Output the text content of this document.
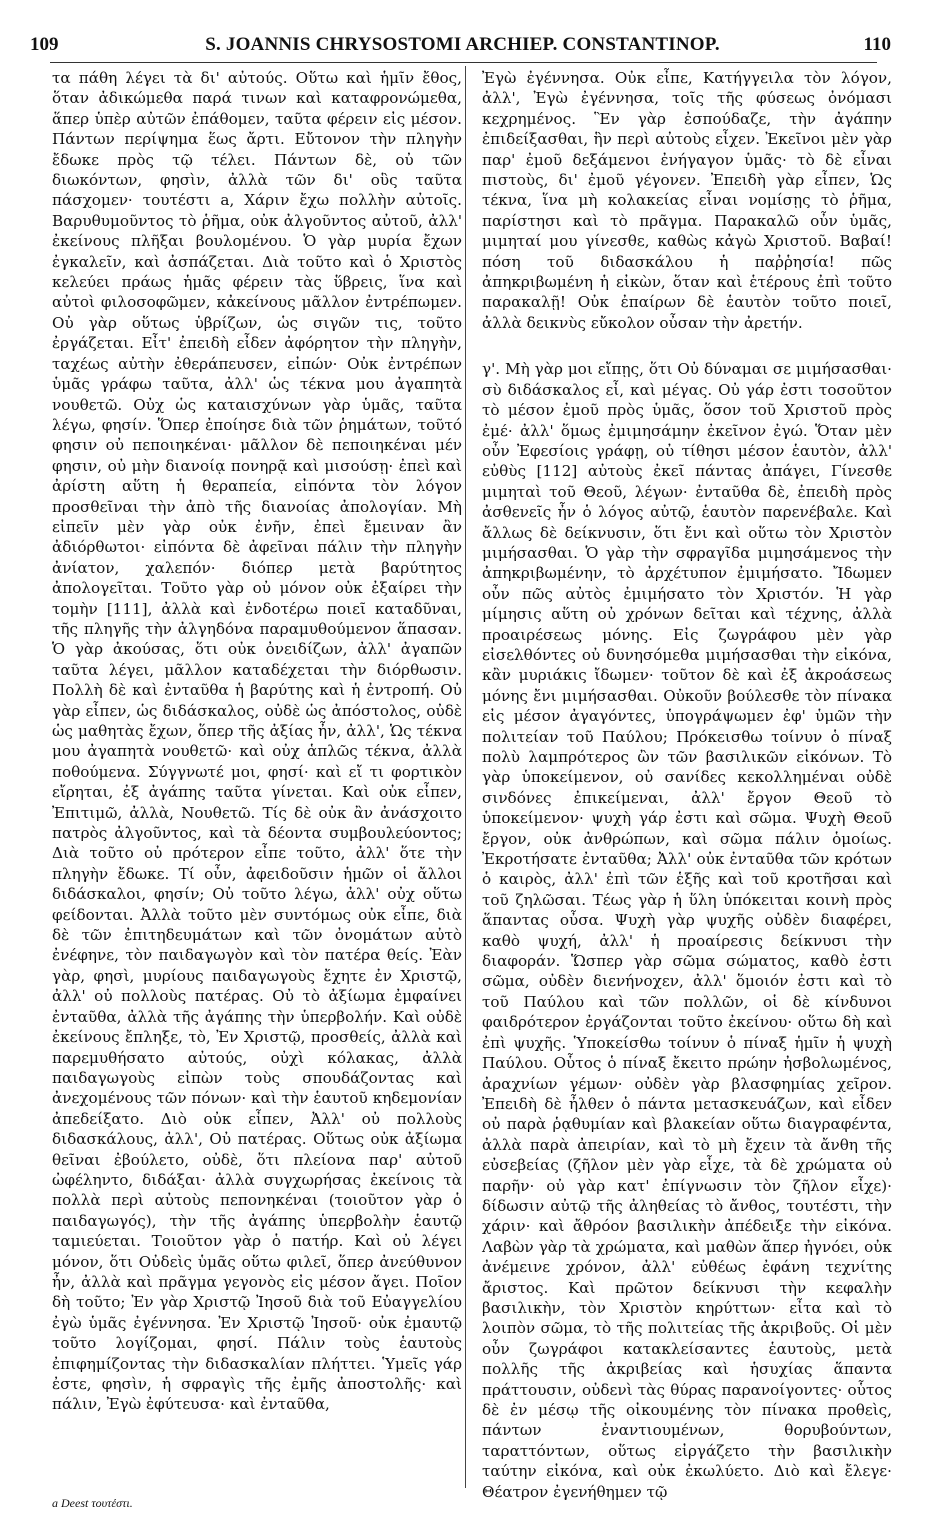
109	S. JOANNIS CHRYSOSTOMI ARCHIEP. CONSTANTINOP.	110

τα πάθη λέγει τὰ δι' αὐτούς. Οὕτω καὶ ἡμῖν ἔθος, ὅταν ἀδικώμεθα παρά τινων καὶ καταφρονώμεθα, ἅπερ ὑπὲρ αὐτῶν ἐπάθομεν, ταῦτα φέρειν εἰς μέσον. Πάντων περίψημα ἕως ἄρτι. Εὔτονον τὴν πληγὴν ἔδωκε πρὸς τῷ τέλει. Πάντων δὲ, οὐ τῶν διωκόντων, φησὶν, ἀλλὰ τῶν δι' οὓς ταῦτα πάσχομεν· τουτέστι a, Χάριν ἔχω πολλὴν αὐτοῖς. Βαρυθυμοῦντος τὸ ῥῆμα, οὐκ ἀλγοῦντος αὐτοῦ, ἀλλ' ἐκείνους πλῆξαι βουλομένου. Ὁ γὰρ μυρία ἔχων ἐγκαλεῖν, καὶ ἀσπάζεται. Διὰ τοῦτο καὶ ὁ Χριστὸς κελεύει πράως ἡμᾶς φέρειν τὰς ὕβρεις, ἵνα καὶ αὐτοὶ φιλοσοφῶμεν, κἀκείνους μᾶλλον ἐντρέπωμεν. Οὐ γὰρ οὕτως ὑβρίζων, ὡς σιγῶν τις, τοῦτο ἐργάζεται. Εἶτ' ἐπειδὴ εἶδεν ἀφόρητον τὴν πληγὴν, ταχέως αὐτὴν ἐθεράπευσεν, εἰπών· Οὐκ ἐντρέπων ὑμᾶς γράφω ταῦτα, ἀλλ' ὡς τέκνα μου ἀγαπητὰ νουθετῶ. Οὐχ ὡς καταισχύνων γὰρ ὑμᾶς, ταῦτα λέγω, φησίν. Ὅπερ ἐποίησε διὰ τῶν ῥημάτων, τοῦτό φησιν οὐ πεποιηκέναι· μᾶλλον δὲ πεποιηκέναι μέν φησιν, οὐ μὴν διανοίᾳ πονηρᾷ καὶ μισούσῃ· ἐπεὶ καὶ ἀρίστη αὕτη ἡ θεραπεία, εἰπόντα τὸν λόγον προσθεῖναι τὴν ἀπὸ τῆς διανοίας ἀπολογίαν. Μὴ εἰπεῖν μὲν γὰρ οὐκ ἐνῆν, ἐπεὶ ἔμειναν ἂν ἀδιόρθωτοι· εἰπόντα δὲ ἀφεῖναι πάλιν τὴν πληγὴν ἀνίατον, χαλεπόν· διόπερ μετὰ βαρύτητος ἀπολογεῖται. Τοῦτο γὰρ οὐ μόνον οὐκ ἐξαίρει τὴν τομὴν [111], ἀλλὰ καὶ ἐνδοτέρω ποιεῖ καταδῦναι, τῆς πληγῆς τὴν ἀλγηδόνα παραμυθούμενον ἅπασαν. Ὁ γὰρ ἀκούσας, ὅτι οὐκ ὀνειδίζων, ἀλλ' ἀγαπῶν ταῦτα λέγει, μᾶλλον καταδέχεται τὴν διόρθωσιν. Πολλὴ δὲ καὶ ἐνταῦθα ἡ βαρύτης καὶ ἡ ἐντροπή. Οὐ γὰρ εἶπεν, ὡς διδάσκαλος, οὐδὲ ὡς ἀπόστολος, οὐδὲ ὡς μαθητὰς ἔχων, ὅπερ τῆς ἀξίας ἦν, ἀλλ', Ὡς τέκνα μου ἀγαπητὰ νουθετῶ· καὶ οὐχ ἁπλῶς τέκνα, ἀλλὰ ποθούμενα. Σύγγνωτέ μοι, φησί· καὶ εἴ τι φορτικὸν εἴρηται, ἐξ ἀγάπης ταῦτα γίνεται. Καὶ οὐκ εἶπεν, Ἐπιτιμῶ, ἀλλὰ, Νουθετῶ. Τίς δὲ οὐκ ἂν ἀνάσχοιτο πατρὸς ἀλγοῦντος, καὶ τὰ δέοντα συμβουλεύοντος; Διὰ τοῦτο οὐ πρότερον εἶπε τοῦτο, ἀλλ' ὅτε τὴν πληγὴν ἔδωκε. Τί οὖν, ἀφειδοῦσιν ἡμῶν οἱ ἄλλοι διδάσκαλοι, φησίν; Οὐ τοῦτο λέγω, ἀλλ' οὐχ οὕτω φείδονται. Ἀλλὰ τοῦτο μὲν συντόμως οὐκ εἶπε, διὰ δὲ τῶν ἐπιτηδευμάτων καὶ τῶν ὀνομάτων αὐτὸ ἐνέφηνε, τὸν παιδαγωγὸν καὶ τὸν πατέρα θείς. Ἐὰν γὰρ, φησὶ, μυρίους παιδαγωγοὺς ἔχητε ἐν Χριστῷ, ἀλλ' οὐ πολλοὺς πατέρας. Οὐ τὸ ἀξίωμα ἐμφαίνει ἐνταῦθα, ἀλλὰ τῆς ἀγάπης τὴν ὑπερβολήν. Καὶ οὐδὲ ἐκείνους ἔπληξε, τὸ, Ἐν Χριστῷ, προσθείς, ἀλλὰ καὶ παρεμυθήσατο αὐτούς, οὐχὶ κόλακας, ἀλλὰ παιδαγωγοὺς εἰπὼν τοὺς σπουδάζοντας καὶ ἀνεχομένους τῶν πόνων· καὶ τὴν ἑαυτοῦ κηδεμονίαν ἀπεδείξατο. Διὸ οὐκ εἶπεν, Ἀλλ' οὐ πολλοὺς διδασκάλους, ἀλλ', Οὐ πατέρας. Οὕτως οὐκ ἀξίωμα θεῖναι ἐβούλετο, οὐδὲ, ὅτι πλείονα παρ' αὐτοῦ ὠφέληντο, διδάξαι· ἀλλὰ συγχωρήσας ἐκείνοις τὰ πολλὰ περὶ αὐτοὺς πεπονηκέναι (τοιοῦτον γὰρ ὁ παιδαγωγός), τὴν τῆς ἀγάπης ὑπερβολὴν ἑαυτῷ ταμιεύεται. Τοιοῦτον γὰρ ὁ πατήρ. Καὶ οὐ λέγει μόνον, ὅτι Οὐδεὶς ὑμᾶς οὕτω φιλεῖ, ὅπερ ἀνεύθυνον ἦν, ἀλλὰ καὶ πρᾶγμα γεγονὸς εἰς μέσον ἄγει. Ποῖον δὴ τοῦτο; Ἐν γὰρ Χριστῷ Ἰησοῦ διὰ τοῦ Εὐαγγελίου ἐγὼ ὑμᾶς ἐγέννησα. Ἐν Χριστῷ Ἰησοῦ· οὐκ ἐμαυτῷ τοῦτο λογίζομαι, φησί. Πάλιν τοὺς ἑαυτοὺς ἐπιφημίζοντας τὴν διδασκαλίαν πλήττει. Ὑμεῖς γάρ ἐστε, φησὶν, ἡ σφραγὶς τῆς ἐμῆς ἀποστολῆς· καὶ πάλιν, Ἐγὼ ἐφύτευσα· καὶ ἐνταῦθα,

Ἐγὼ ἐγέννησα. Οὐκ εἶπε, Κατήγγειλα τὸν λόγον, ἀλλ', Ἐγὼ ἐγέννησα, τοῖς τῆς φύσεως ὀνόμασι κεχρημένος. Ἓν γὰρ ἐσπούδαζε, τὴν ἀγάπην ἐπιδείξασθαι, ἣν περὶ αὐτοὺς εἶχεν. Ἐκεῖνοι μὲν γὰρ παρ' ἐμοῦ δεξάμενοι ἐνήγαγον ὑμᾶς· τὸ δὲ εἶναι πιστοὺς, δι' ἐμοῦ γέγονεν. Ἐπειδὴ γὰρ εἶπεν, Ὡς τέκνα, ἵνα μὴ κολακείας εἶναι νομίσῃς τὸ ῥῆμα, παρίστησι καὶ τὸ πρᾶγμα. Παρακαλῶ οὖν ὑμᾶς, μιμηταί μου γίνεσθε, καθὼς κἀγὼ Χριστοῦ. Βαβαί! πόση τοῦ διδασκάλου ἡ παῤῥησία! πῶς ἀπηκριβωμένη ἡ εἰκὼν, ὅταν καὶ ἑτέρους ἐπὶ τοῦτο παρακαλῇ! Οὐκ ἐπαίρων δὲ ἑαυτὸν τοῦτο ποιεῖ, ἀλλὰ δεικνὺς εὔκολον οὖσαν τὴν ἀρετήν.

γ'. Μὴ γὰρ μοι εἴπῃς, ὅτι Οὐ δύναμαι σε μιμήσασθαι· σὺ διδάσκαλος εἶ, καὶ μέγας. Οὐ γάρ ἐστι τοσοῦτον τὸ μέσον ἐμοῦ πρὸς ὑμᾶς, ὅσον τοῦ Χριστοῦ πρὸς ἐμέ· ἀλλ' ὅμως ἐμιμησάμην ἐκεῖνον ἐγώ. Ὅταν μὲν οὖν Ἐφεσίοις γράφῃ, οὐ τίθησι μέσον ἑαυτὸν, ἀλλ' εὐθὺς [112] αὐτοὺς ἐκεῖ πάντας ἀπάγει, Γίνεσθε μιμηταὶ τοῦ Θεοῦ, λέγων· ἐνταῦθα δὲ, ἐπειδὴ πρὸς ἀσθενεῖς ἦν ὁ λόγος αὐτῷ, ἑαυτὸν παρενέβαλε. Καὶ ἄλλως δὲ δείκνυσιν, ὅτι ἔνι καὶ οὕτω τὸν Χριστὸν μιμήσασθαι. Ὁ γὰρ τὴν σφραγῖδα μιμησάμενος τὴν ἀπηκριβωμένην, τὸ ἀρχέτυπον ἐμιμήσατο. Ἴδωμεν οὖν πῶς αὐτὸς ἐμιμήσατο τὸν Χριστόν. Ἡ γὰρ μίμησις αὕτη οὐ χρόνων δεῖται καὶ τέχνης, ἀλλὰ προαιρέσεως μόνης. Εἰς ζωγράφου μὲν γὰρ εἰσελθόντες οὐ δυνησόμεθα μιμήσασθαι τὴν εἰκόνα, κἂν μυριάκις ἴδωμεν· τοῦτον δὲ καὶ ἐξ ἀκροάσεως μόνης ἔνι μιμήσασθαι. Οὐκοῦν βούλεσθε τὸν πίνακα εἰς μέσον ἀγαγόντες, ὑπογράψωμεν ἐφ' ὑμῶν τὴν πολιτείαν τοῦ Παύλου; Πρόκεισθω τοίνυν ὁ πίναξ πολὺ λαμπρότερος ὢν τῶν βασιλικῶν εἰκόνων. Τὸ γὰρ ὑποκείμενον, οὐ σανίδες κεκολλημέναι οὐδὲ σινδόνες ἐπικείμεναι, ἀλλ' ἔργον Θεοῦ τὸ ὑποκείμενον· ψυχὴ γάρ ἐστι καὶ σῶμα. Ψυχὴ Θεοῦ ἔργον, οὐκ ἀνθρώπων, καὶ σῶμα πάλιν ὁμοίως. Ἐκροτήσατε ἐνταῦθα; Ἀλλ' οὐκ ἐνταῦθα τῶν κρότων ὁ καιρὸς, ἀλλ' ἐπὶ τῶν ἑξῆς καὶ τοῦ κροτῆσαι καὶ τοῦ ζηλῶσαι. Τέως γὰρ ἡ ὕλη ὑπόκειται κοινὴ πρὸς ἅπαντας οὖσα. Ψυχὴ γὰρ ψυχῆς οὐδὲν διαφέρει, καθὸ ψυχή, ἀλλ' ἡ προαίρεσις δείκνυσι τὴν διαφοράν. Ὥσπερ γὰρ σῶμα σώματος, καθὸ ἐστι σῶμα, οὐδὲν διενήνοχεν, ἀλλ' ὅμοιόν ἐστι καὶ τὸ τοῦ Παύλου καὶ τῶν πολλῶν, οἱ δὲ κίνδυνοι φαιδρότερον ἐργάζονται τοῦτο ἐκείνου· οὕτω δὴ καὶ ἐπὶ ψυχῆς. Ὑποκείσθω τοίνυν ὁ πίναξ ἡμῖν ἡ ψυχὴ Παύλου. Οὗτος ὁ πίναξ ἔκειτο πρώην ἠσβολωμένος, ἀραχνίων γέμων· οὐδὲν γὰρ βλασφημίας χεῖρον. Ἐπειδὴ δὲ ἦλθεν ὁ πάντα μετασκευάζων, καὶ εἶδεν οὐ παρὰ ῥᾳθυμίαν καὶ βλακείαν οὕτω διαγραφέντα, ἀλλὰ παρὰ ἀπειρίαν, καὶ τὸ μὴ ἔχειν τὰ ἄνθη τῆς εὐσεβείας (ζῆλον μὲν γὰρ εἶχε, τὰ δὲ χρώματα οὐ παρῆν· οὐ γὰρ κατ' ἐπίγνωσιν τὸν ζῆλον εἶχε)· δίδωσιν αὐτῷ τῆς ἀληθείας τὸ ἄνθος, τουτέστι, τὴν χάριν· καὶ ἄθρόον βασιλικὴν ἀπέδειξε τὴν εἰκόνα. Λαβὼν γὰρ τὰ χρώματα, καὶ μαθὼν ἅπερ ἠγνόει, οὐκ ἀνέμεινε χρόνον, ἀλλ' εὐθέως ἐφάνη τεχνίτης ἄριστος. Καὶ πρῶτον δείκνυσι τὴν κεφαλὴν βασιλικὴν, τὸν Χριστὸν κηρύττων· εἶτα καὶ τὸ λοιπὸν σῶμα, τὸ τῆς πολιτείας τῆς ἀκριβοῦς. Οἱ μὲν οὖν ζωγράφοι κατακλείσαντες ἑαυτοὺς, μετὰ πολλῆς τῆς ἀκριβείας καὶ ἡσυχίας ἅπαντα πράττουσιν, οὐδενὶ τὰς θύρας παρανοίγοντες· οὗτος δὲ ἐν μέσῳ τῆς οἰκουμένης τὸν πίνακα προθεὶς, πάντων ἐναντιουμένων, θορυβούντων, ταραττόντων, οὕτως εἰργάζετο τὴν βασιλικὴν ταύτην εἰκόνα, καὶ οὐκ ἐκωλύετο. Διὸ καὶ ἔλεγε· Θέατρον ἐγενήθημεν τῷ

a Deest τουτέστι.
